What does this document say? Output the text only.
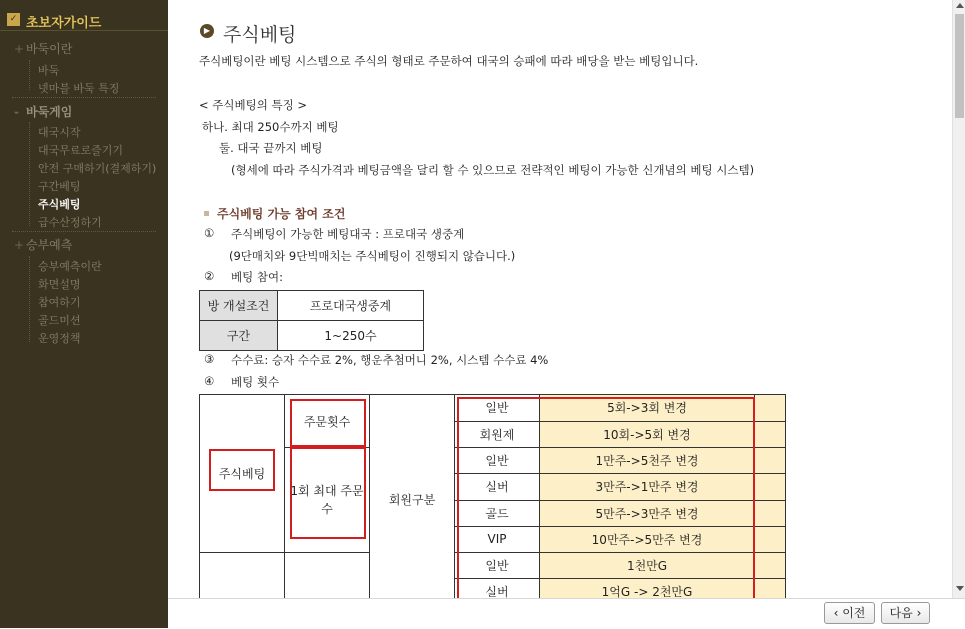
✓ 초보자가이드
+ 바둑이란
바둑
넷마블 바둑 특징
- 바둑게임
대국시작
대국무료로즐기기
안전 구매하기(결제하기)
구간베팅
주식베팅
급수산정하기
+ 승부예측
승부예측이란
화면설명
참여하기
골드미션
운영정책
▶ 주식베팅
주식베팅이란 베팅 시스템으로 주식의 형태로 주문하여 대국의 승패에 따라 배당을 받는 베팅입니다.
< 주식베팅의 특징 >
하나. 최대 250수까지 베팅
둘. 대국 끝까지 베팅
(형세에 따라 주식가격과 베팅금액을 달리 할 수 있으므로 전략적인 베팅이 가능한 신개념의 베팅 시스템)
주식베팅 가능 참여 조건
① 주식베팅이 가능한 베팅대국 : 프로대국 생중계
(9단매치와 9단빅매치는 주식베팅이 진행되지 않습니다.)
② 베팅 참여:
방 개설조건	프로대국생중계
구간	1~250수
③ 수수료: 승자 수수료 2%, 행운추첨머니 2%, 시스템 수수료 4%
④ 베팅 횟수
주식베팅	주문횟수	회원구분	일반	5회->3회 변경	
			회원제	10회->5회 변경	
	1회 최대 주문수		일반	1만주->5천주 변경	
			실버	3만주->1만주 변경	
			골드	5만주->3만주 변경	
			VIP	10만주->5만주 변경	
			일반	1천만G	
			실버	1억G -> 2천만G	
‹ 이전	다음 ›
